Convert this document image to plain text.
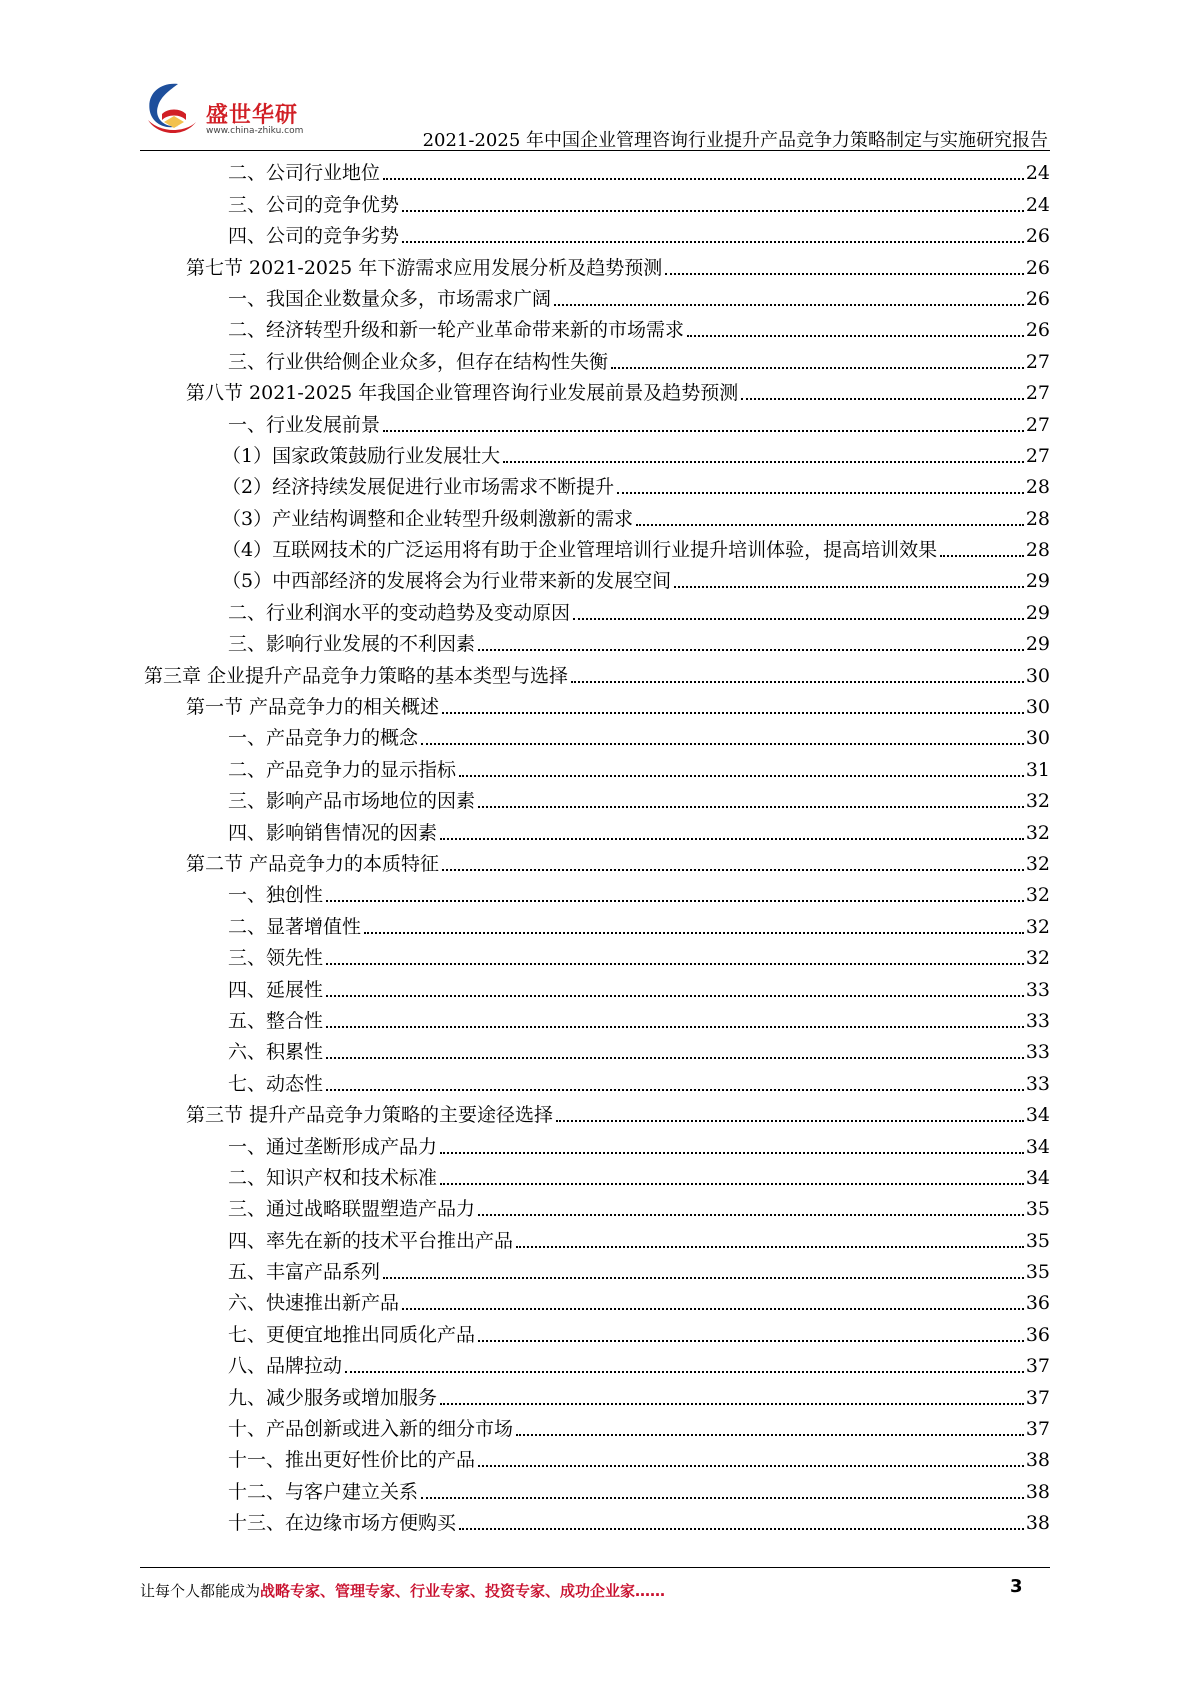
盛世华研
www.china-zhiku.com	2021-2025 年中国企业管理咨询行业提升产品竞争力策略制定与实施研究报告
二、公司行业地位	24
三、公司的竞争优势	24
四、公司的竞争劣势	26
第七节 2021-2025 年下游需求应用发展分析及趋势预测	26
一、我国企业数量众多，市场需求广阔	26
二、经济转型升级和新一轮产业革命带来新的市场需求	26
三、行业供给侧企业众多，但存在结构性失衡	27
第八节 2021-2025 年我国企业管理咨询行业发展前景及趋势预测	27
一、行业发展前景	27
（1）国家政策鼓励行业发展壮大	27
（2）经济持续发展促进行业市场需求不断提升	28
（3）产业结构调整和企业转型升级刺激新的需求	28
（4）互联网技术的广泛运用将有助于企业管理培训行业提升培训体验，提高培训效果	28
（5）中西部经济的发展将会为行业带来新的发展空间	29
二、行业利润水平的变动趋势及变动原因	29
三、影响行业发展的不利因素	29
第三章 企业提升产品竞争力策略的基本类型与选择	30
第一节 产品竞争力的相关概述	30
一、产品竞争力的概念	30
二、产品竞争力的显示指标	31
三、影响产品市场地位的因素	32
四、影响销售情况的因素	32
第二节 产品竞争力的本质特征	32
一、独创性	32
二、显著增值性	32
三、领先性	32
四、延展性	33
五、整合性	33
六、积累性	33
七、动态性	33
第三节 提升产品竞争力策略的主要途径选择	34
一、通过垄断形成产品力	34
二、知识产权和技术标准	34
三、通过战略联盟塑造产品力	35
四、率先在新的技术平台推出产品	35
五、丰富产品系列	35
六、快速推出新产品	36
七、更便宜地推出同质化产品	36
八、品牌拉动	37
九、减少服务或增加服务	37
十、产品创新或进入新的细分市场	37
十一、推出更好性价比的产品	38
十二、与客户建立关系	38
十三、在边缘市场方便购买	38
让每个人都能成为战略专家、管理专家、行业专家、投资专家、成功企业家……	3
